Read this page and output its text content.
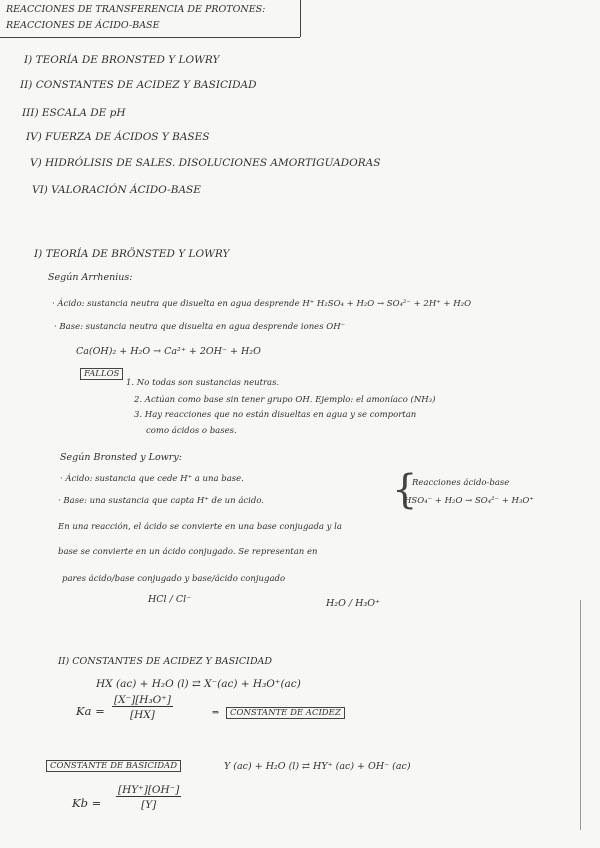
REACCIONES DE TRANSFERENCIA DE PROTONES:
REACCIONES DE ÁCIDO-BASE
I) TEORÍA DE BRONSTED Y LOWRY
II) CONSTANTES DE ACIDEZ Y BASICIDAD
III) ESCALA DE pH
IV) FUERZA DE ÁCIDOS Y BASES
V) HIDRÓLISIS DE SALES. DISOLUCIONES AMORTIGUADORAS
VI) VALORACIÓN ÁCIDO-BASE
I) TEORÍA DE BRÖNSTED Y LOWRY
Según Arrhenius:
· Ácido: sustancia neutra que disuelta en agua desprende H⁺ H₂SO₄ + H₂O → SO₄²⁻ + 2H⁺ + H₂O
· Base: sustancia neutra que disuelta en agua desprende iones OH⁻
Ca(OH)₂ + H₂O → Ca²⁺ + 2OH⁻ + H₂O
FALLOS
1. No todas son sustancias neutras.
2. Actúan como base sin tener grupo OH. Ejemplo: el amoníaco (NH₃)
3. Hay reacciones que no están disueltas en agua y se comportan
como ácidos o bases.
Según Bronsted y Lowry:
· Ácido: sustancia que cede H⁺ a una base.
· Base: una sustancia que capta H⁺ de un ácido.	{
Reacciones ácido-base
HSO₄⁻ + H₂O → SO₄²⁻ + H₃O⁺
En una reacción, el ácido se convierte en una base conjugada y la
base se convierte en un ácido conjugado. Se representan en
pares ácido/base conjugado y base/ácido conjugado
HCl / Cl⁻	H₂O / H₃O⁺
II) CONSTANTES DE ACIDEZ Y BASICIDAD
HX (ac) + H₂O (l) ⇄ X⁻(ac) + H₃O⁺(ac)
$Ka = \frac{\text{[X⁻][H₃O⁺]}}{[HX]}$	⇒	CONSTANTE DE ACIDEZ
CONSTANTE DE BASICIDAD	Y (ac) + H₂O (l) ⇄ HY⁺ (ac) + OH⁻ (ac)
$Kb = \frac{[HY^+][OH^-]}{[Y]}$
